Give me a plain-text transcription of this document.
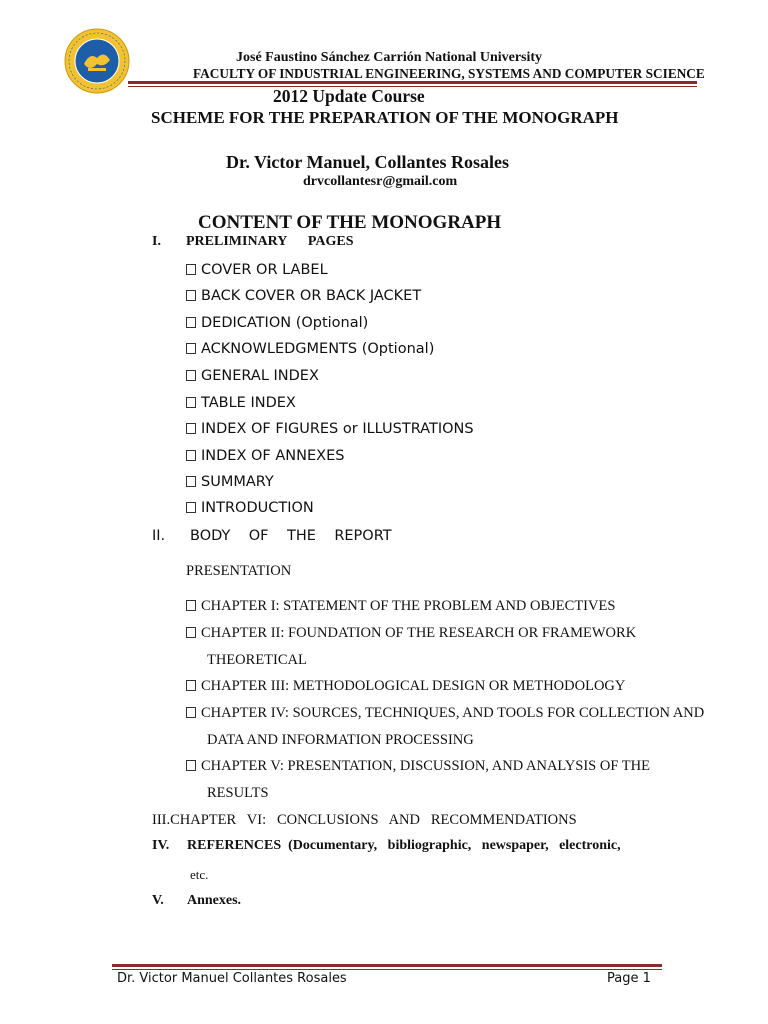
José Faustino Sánchez Carrión National University
FACULTY OF INDUSTRIAL ENGINEERING, SYSTEMS AND COMPUTER SCIENCE
2012 Update Course
SCHEME FOR THE PREPARATION OF THE MONOGRAPH
Dr. Victor Manuel, Collantes Rosales
drvcollantesr@gmail.com
CONTENT OF THE MONOGRAPH
I. PRELIMINARY      PAGES
COVER OR LABEL
BACK COVER OR BACK JACKET
DEDICATION (Optional)
ACKNOWLEDGMENTS (Optional)
GENERAL INDEX
TABLE INDEX
INDEX OF FIGURES or ILLUSTRATIONS
INDEX OF ANNEXES
SUMMARY
INTRODUCTION
II. BODY    OF    THE    REPORT
PRESENTATION
CHAPTER I: STATEMENT OF THE PROBLEM AND OBJECTIVES
CHAPTER II: FOUNDATION OF THE RESEARCH OR FRAMEWORK
THEORETICAL
CHAPTER III: METHODOLOGICAL DESIGN OR METHODOLOGY
CHAPTER IV: SOURCES, TECHNIQUES, AND TOOLS FOR COLLECTION AND
DATA AND INFORMATION PROCESSING
CHAPTER V: PRESENTATION, DISCUSSION, AND ANALYSIS OF THE
RESULTS
III.CHAPTER   VI:   CONCLUSIONS   AND   RECOMMENDATIONS
IV. REFERENCES  (Documentary,   bibliographic,   newspaper,   electronic,
etc.
V. Annexes.
Dr. Victor Manuel Collantes Rosales	Page 1
